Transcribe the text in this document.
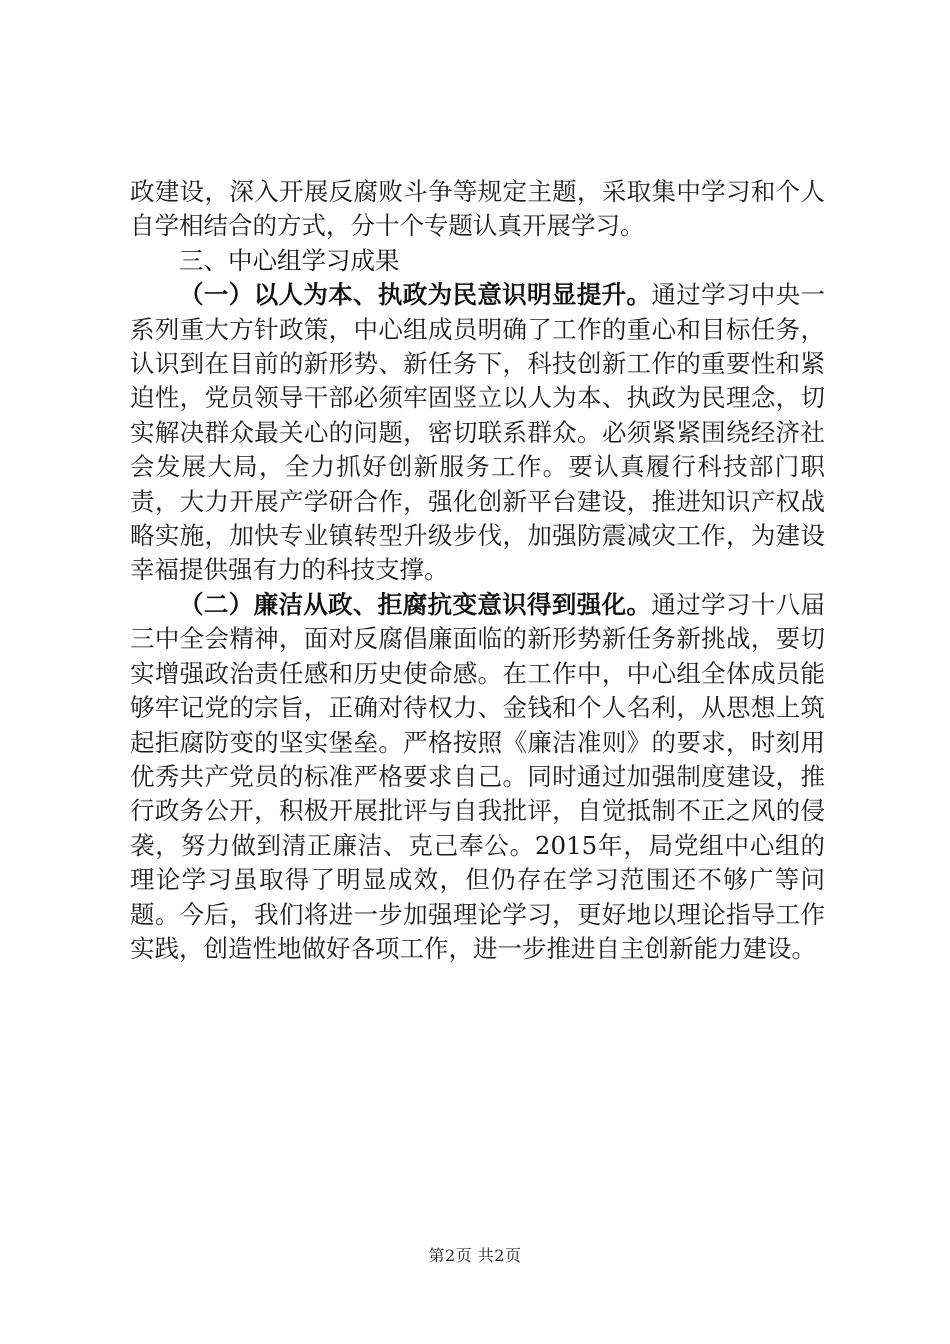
政建设，深入开展反腐败斗争等规定主题，采取集中学习和个人自学相结合的方式，分十个专题认真开展学习。

三、中心组学习成果

（一）以人为本、执政为民意识明显提升。通过学习中央一系列重大方针政策，中心组成员明确了工作的重心和目标任务，认识到在目前的新形势、新任务下，科技创新工作的重要性和紧迫性，党员领导干部必须牢固竖立以人为本、执政为民理念，切实解决群众最关心的问题，密切联系群众。必须紧紧围绕经济社会发展大局，全力抓好创新服务工作。要认真履行科技部门职责，大力开展产学研合作，强化创新平台建设，推进知识产权战略实施，加快专业镇转型升级步伐，加强防震减灾工作，为建设幸福提供强有力的科技支撑。

（二）廉洁从政、拒腐抗变意识得到强化。通过学习十八届三中全会精神，面对反腐倡廉面临的新形势新任务新挑战，要切实增强政治责任感和历史使命感。在工作中，中心组全体成员能够牢记党的宗旨，正确对待权力、金钱和个人名利，从思想上筑起拒腐防变的坚实堡垒。严格按照《廉洁准则》的要求，时刻用优秀共产党员的标准严格要求自己。同时通过加强制度建设，推行政务公开，积极开展批评与自我批评，自觉抵制不正之风的侵袭，努力做到清正廉洁、克己奉公。2015年，局党组中心组的理论学习虽取得了明显成效，但仍存在学习范围还不够广等问题。今后，我们将进一步加强理论学习，更好地以理论指导工作实践，创造性地做好各项工作，进一步推进自主创新能力建设。

第2页 共2页
